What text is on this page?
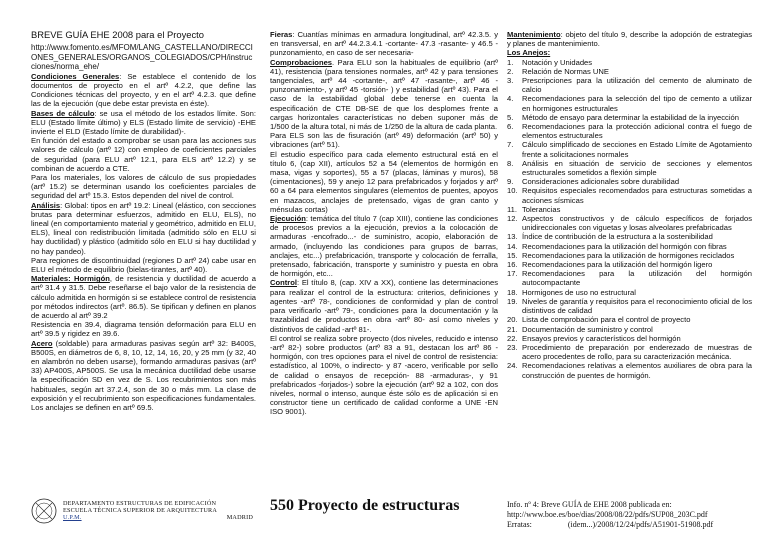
BREVE GUÍA EHE 2008 para el Proyecto

http://www.fomento.es/MFOM/LANG_CASTELLANO/DIRECCIONES_GENERALES/ORGANOS_COLEGIADOS/CPH/instrucciones/norma_ehe/

Condiciones Generales: Se establece el contenido de los documentos de proyecto en el artº 4.2.2, que define las Condiciones técnicas del proyecto, y en el artº 4.2.3. que define las de la ejecución (que debe estar prevista en éste).

Bases de cálculo: se usa el método de los estados límite. Son: ELU (Estado límite último) y ELS (Estado límite de servicio) -EHE invierte el ELD (Estado límite de durabilidad)-.

En función del estado a comprobar se usan para las acciones sus valores de cálculo (artº 12) con empleo de coeficientes parciales de seguridad (para ELU artº 12.1, para ELS artº 12.2) y se combinan de acuerdo a CTE.

Para los materiales, los valores de cálculo de sus propiedades (artº 15.2) se determinan usando los coeficientes parciales de seguridad del artº 15.3. Estos dependen del nivel de control.

Análisis: Global: tipos en artº 19.2: Lineal (elástico, con secciones brutas para determinar esfuerzos, admitido en ELU, ELS), no lineal (en comportamiento material y geométrico, admitido en ELU, ELS), lineal con redistribución limitada (admitido sólo en ELU si hay ductilidad) y plástico (admitido sólo en ELU si hay ductilidad y no hay pandeo).

Para regiones de discontinuidad (regiones D artº 24) cabe usar en ELU el método de equilibrio (bielas-tirantes, artº 40).

Materiales: Hormigón, de resistencia y ductilidad de acuerdo a artº 31.4 y 31.5. Debe reseñarse el bajo valor de la resistencia de cálculo admitida en hormigón si se establece control de resistencia por métodos indirectos (artº. 86.5). Se tipifican y definen en planos de acuerdo al artº 39.2

Resistencia en 39.4, diagrama tensión deformación para ELU en artº 39.5 y rigidez en 39.6.

Acero (soldable) para armaduras pasivas según artº 32: B400S, B500S, en diámetros de 6, 8, 10, 12, 14, 16, 20, y 25 mm (y 32, 40 en alambrón no deben usarse), formando armaduras pasivas (artº 33) AP400S, AP500S. Se usa la mecánica ductilidad debe usarse la especificación SD en vez de S. Los recubrimientos son más habituales, según art 37.2.4, son de 30 o más mm. La clase de exposición y el recubrimiento son especificaciones fundamentales. Los anclajes se definen en artº 69.5.

Fieras: Cuantías mínimas en armadura longitudinal, artº 42.3.5. y en transversal, en artº 44.2.3.4.1 -cortante- 47.3 -rasante- y 46.5 -punzonamiento, en caso de ser necesaria-

Comprobaciones. Para ELU son la habituales de equilibrio (artº 41), resistencia (para tensiones normales, artº 42 y para tensiones tangenciales, artº 44 -cortante-, artº 47 -rasante-, artº 46 -punzonamiento-, y artº 45 -torsión- ) y estabilidad (artº 43). Para el caso de la estabilidad global debe tenerse en cuenta la especificación de CTE DB-SE de que los desplomes frente a cargas horizontales características no deben suponer más de 1/500 de la altura total, ni más de 1/250 de la altura de cada planta.

Para ELS son las de fisuración (artº 49) deformación (artº 50) y vibraciones (artº 51).

El estudio específico para cada elemento estructural está en el título 6, (cap XII), artículos 52 a 54 (elementos de hormigón en masa, vigas y soportes), 55 a 57 (placas, láminas y muros), 58 (cimentaciones), 59 y anejo 12 para prefabricados y forjados y artº 60 a 64 para elementos singulares (elementos de puentes, apoyos en mazacos, anclajes de pretensado, vigas de gran canto y ménsulas cortas)

Ejecución: temática del título 7 (cap XIII), contiene las condiciones de procesos previos a la ejecución, previos a la colocación de armaduras -encofrado...- de suministro, acopio, elaboración de armado, (incluyendo las condiciones para grupos de barras, anclajes, etc...) prefabricación, transporte y colocación de ferralla, pretensado, fabricación, transporte y suministro y puesta en obra de hormigón, etc...

Control: El título 8, (cap. XIV a XX), contiene las determinaciones para realizar el control de la estructura: criterios, definiciones y agentes -artº 78-, condiciones de conformidad y plan de control para verificarlo -artº 79-, condiciones para la documentación y la trazabilidad de productos en obra -artº 80- así como niveles y distintivos de calidad -artº 81-.

El control se realiza sobre proyecto (dos niveles, reducido e intenso -artº 82-) sobre productos (artº 83 a 91, destacan los artº 86 -hormigón, con tres opciones para el nivel de control de resistencia: estadístico, al 100%, o indirecto- y 87 -acero, verificable por sello de calidad o ensayos de recepción- 88 -armaduras-, y 91 prefabricados -forjados-) sobre la ejecución (artº 92 a 102, con dos niveles, normal o intenso, aunque éste sólo es de aplicación si en constructor tiene un certificado de calidad conforme a UNE -EN ISO 9001).

Mantenimiento: objeto del título 9, describe la adopción de estrategias y planes de mantenimiento.

Los Anejos:

1.	Notación y Unidades
2.	Relación de Normas UNE
3.	Prescripciones para la utilización del cemento de aluminato de calcio
4.	Recomendaciones para la selección del tipo de cemento a utilizar en hormigones estructurales
5.	Método de ensayo para determinar la estabilidad de la inyección
6.	Recomendaciones para la protección adicional contra el fuego de elementos estructurales
7.	Cálculo simplificado de secciones en Estado Límite de Agotamiento frente a solicitaciones normales
8.	Análisis en situación de servicio de secciones y elementos estructurales sometidos a flexión simple
9.	Consideraciones adicionales sobre durabilidad
10. Requisitos especiales recomendados para estructuras sometidas a acciones sísmicas
11. Tolerancias
12. Aspectos constructivos y de cálculo específicos de forjados unidireccionales con viguetas y losas alveolares prefabricadas
13. Índice de contribución de la estructura a la sostenibilidad
14. Recomendaciones para la utilización del hormigón con fibras
15. Recomendaciones para la utilización de hormigones reciclados
16. Recomendaciones para la utilización del hormigón ligero
17. Recomendaciones para la utilización del hormigón autocompactante
18. Hormigones de uso no estructural
19. Niveles de garantía y requisitos para el reconocimiento oficial de los distintivos de calidad
20. Lista de comprobación para el control de proyecto
21. Documentación de suministro y control
22. Ensayos previos y característicos del hormigón
23. Procedimiento de preparación por enderezado de muestras de acero procedentes de rollo, para su caracterización mecánica.
24. Recomendaciones relativas a elementos auxiliares de obra para la construcción de puentes de hormigón.
DEPARTAMENTO ESTRUCTURAS DE EDIFICACIÓN
ESCUELA TÉCNICA SUPERIOR DE ARQUITECTURA
U.P.M.	MADRID
550 Proyecto de estructuras	Info. nº 4: Breve GUÍA de EHE 2008 publicada en:
http://www.boe.es/boe/dias/2008/08/22/pdfs/SUP08_203C.pdf
Erratas:	(idem...)/2008/12/24/pdfs/A51901-51908.pdf
